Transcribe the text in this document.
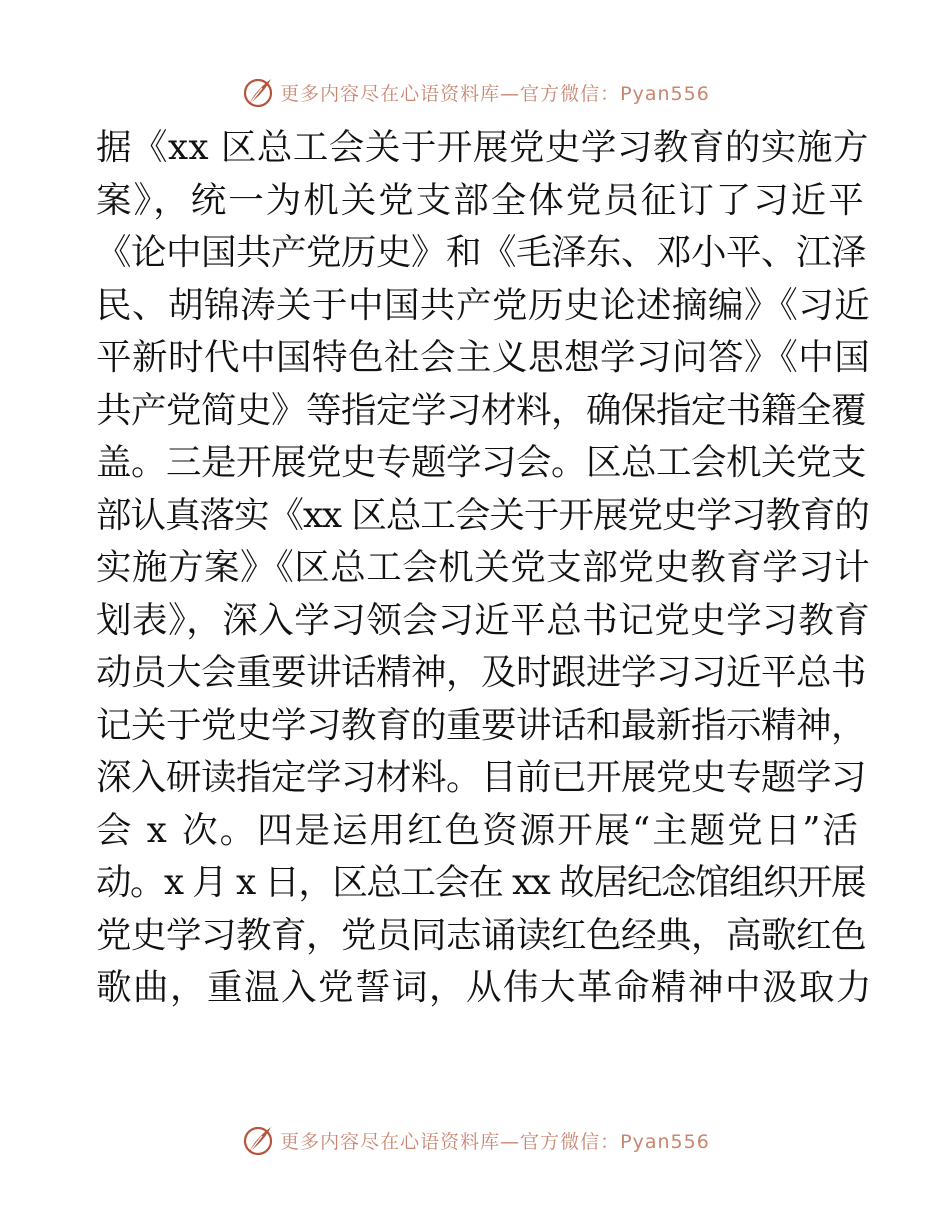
更多内容尽在心语资料库—官方微信：Pyan556
据《xx 区总工会关于开展党史学习教育的实施方
案》，统一为机关党支部全体党员征订了习近平
《论中国共产党历史》和《毛泽东、邓小平、江泽
民、胡锦涛关于中国共产党历史论述摘编》《习近
平新时代中国特色社会主义思想学习问答》《中国
共产党简史》等指定学习材料，确保指定书籍全覆
盖。三是开展党史专题学习会。区总工会机关党支
部认真落实《xx 区总工会关于开展党史学习教育的
实施方案》《区总工会机关党支部党史教育学习计
划表》，深入学习领会习近平总书记党史学习教育
动员大会重要讲话精神，及时跟进学习习近平总书
记关于党史学习教育的重要讲话和最新指示精神，
深入研读指定学习材料。目前已开展党史专题学习
会 x 次。四是运用红色资源开展“主题党日”活
动。x 月 x 日，区总工会在 xx 故居纪念馆组织开展
党史学习教育，党员同志诵读红色经典，高歌红色
歌曲，重温入党誓词，从伟大革命精神中汲取力
更多内容尽在心语资料库—官方微信：Pyan556
